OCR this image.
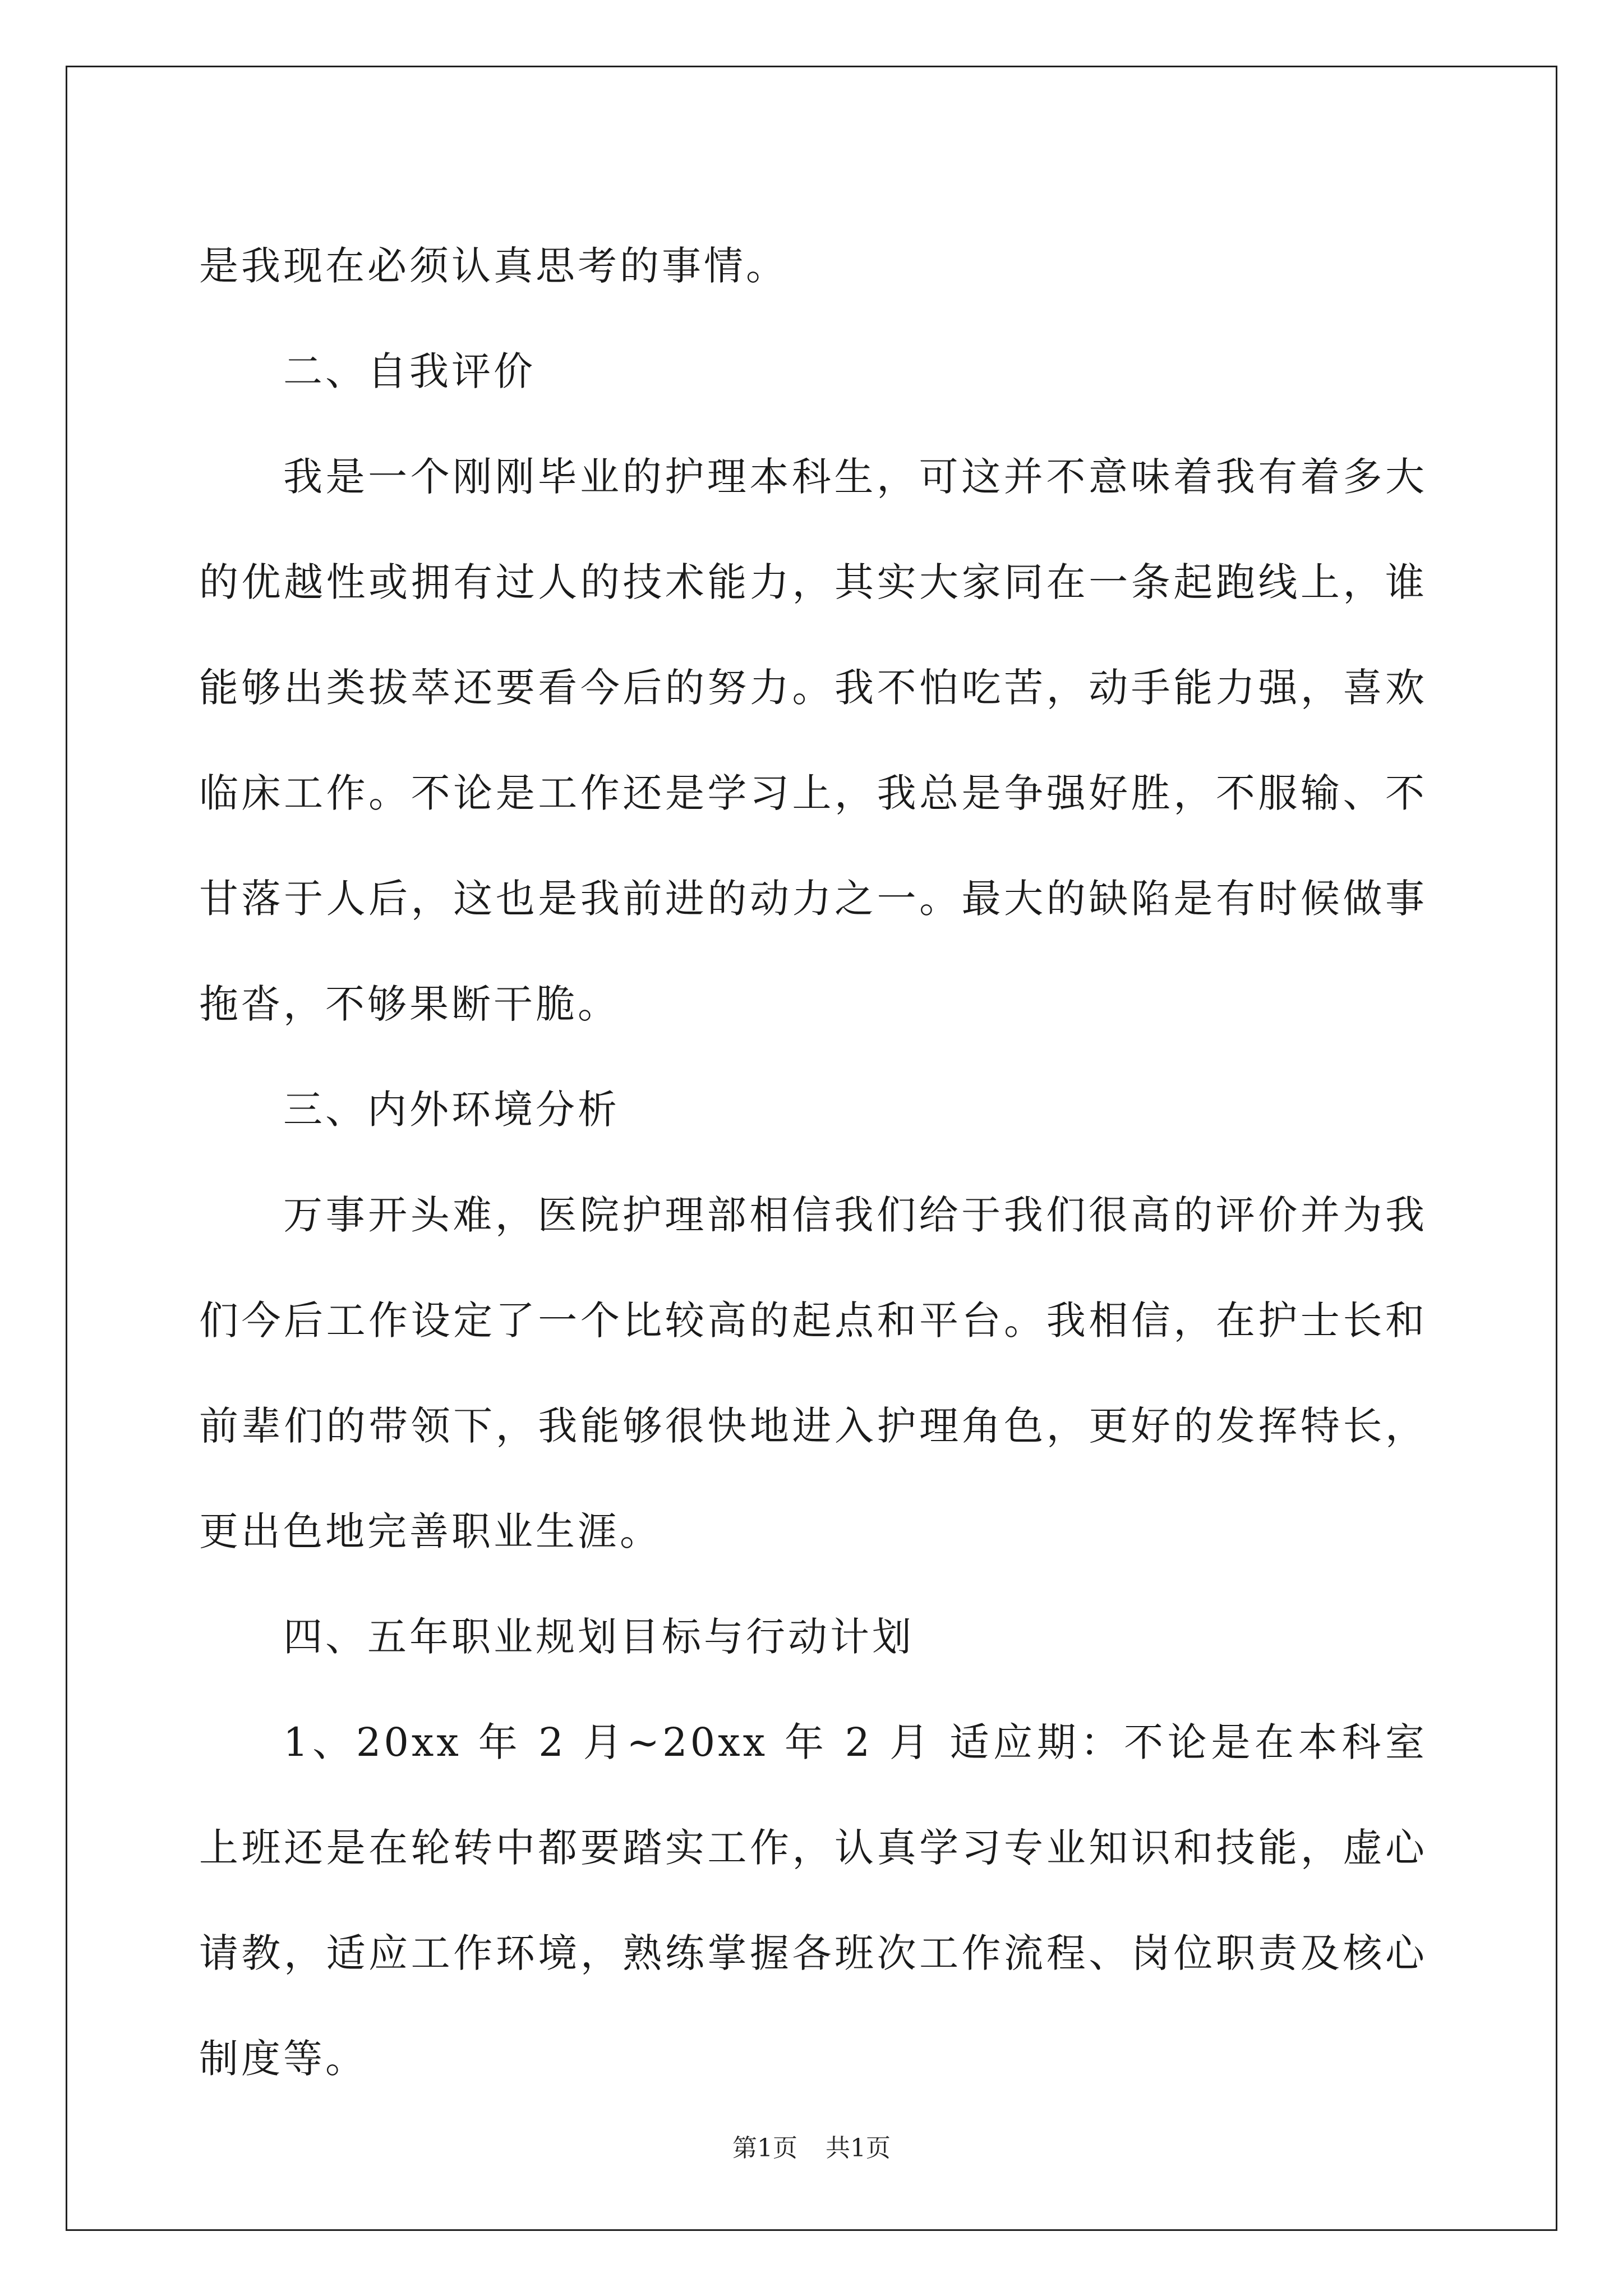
是我现在必须认真思考的事情。

二、自我评价

我是一个刚刚毕业的护理本科生，可这并不意味着我有着多大的优越性或拥有过人的技术能力，其实大家同在一条起跑线上，谁能够出类拔萃还要看今后的努力。我不怕吃苦，动手能力强，喜欢临床工作。不论是工作还是学习上，我总是争强好胜，不服输、不甘落于人后，这也是我前进的动力之一。最大的缺陷是有时候做事拖沓，不够果断干脆。

三、内外环境分析

万事开头难，医院护理部相信我们给于我们很高的评价并为我们今后工作设定了一个比较高的起点和平台。我相信，在护士长和前辈们的带领下，我能够很快地进入护理角色，更好的发挥特长，更出色地完善职业生涯。

四、五年职业规划目标与行动计划

1、20xx 年 2 月~20xx 年 2 月 适应期：不论是在本科室上班还是在轮转中都要踏实工作，认真学习专业知识和技能，虚心请教，适应工作环境，熟练掌握各班次工作流程、岗位职责及核心制度等。

第1页 共1页
